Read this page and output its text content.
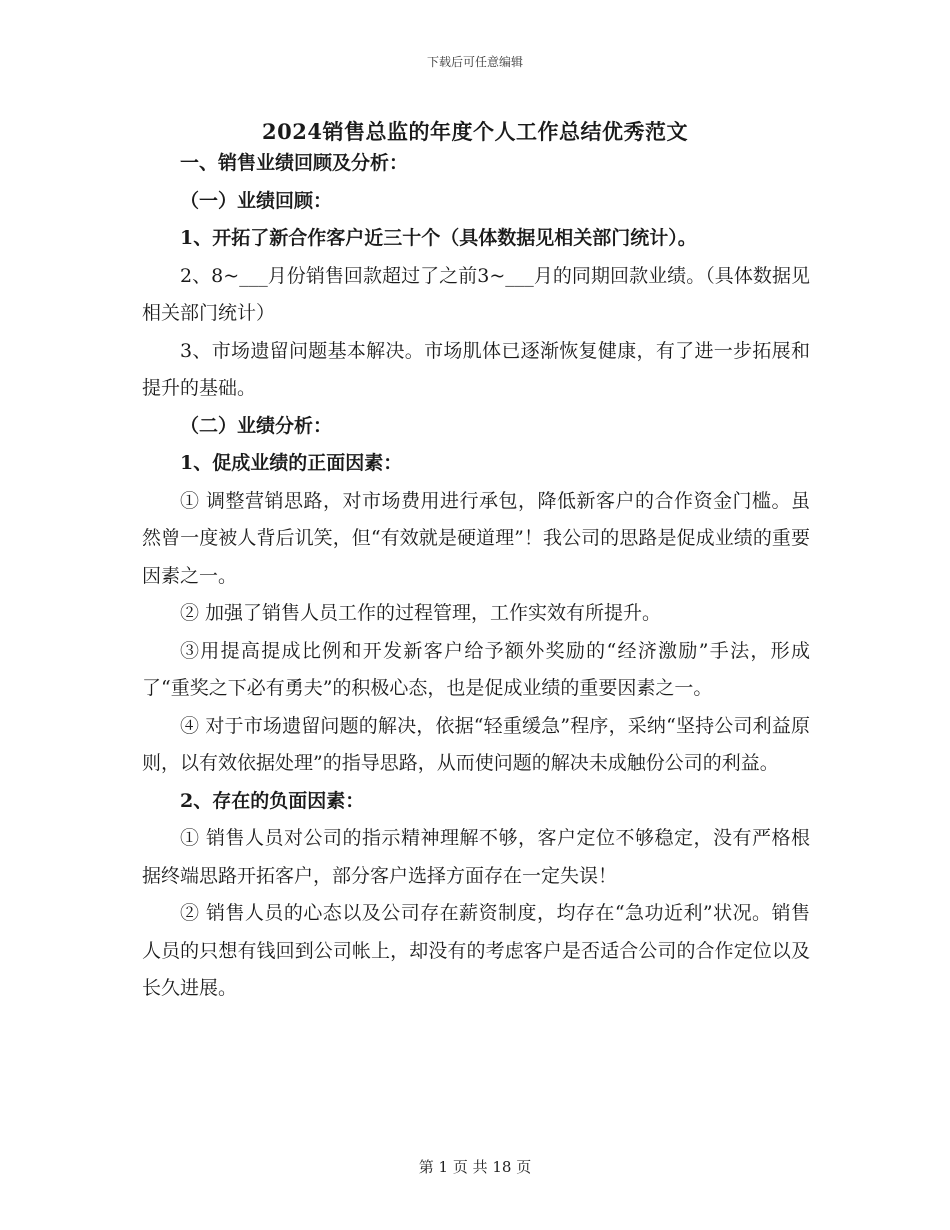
下载后可任意编辑
2024销售总监的年度个人工作总结优秀范文

一、销售业绩回顾及分析：

（一）业绩回顾：

1、开拓了新合作客户近三十个（具体数据见相关部门统计）。

2、8~___月份销售回款超过了之前3~___月的同期回款业绩。（具体数据见相关部门统计）

3、市场遗留问题基本解决。市场肌体已逐渐恢复健康，有了进一步拓展和提升的基础。

（二）业绩分析：

1、促成业绩的正面因素：

① 调整营销思路，对市场费用进行承包，降低新客户的合作资金门槛。虽然曾一度被人背后讥笑，但“有效就是硬道理”！我公司的思路是促成业绩的重要因素之一。

② 加强了销售人员工作的过程管理，工作实效有所提升。

③用提高提成比例和开发新客户给予额外奖励的“经济激励”手法，形成了“重奖之下必有勇夫”的积极心态，也是促成业绩的重要因素之一。

④ 对于市场遗留问题的解决，依据“轻重缓急”程序，采纳“坚持公司利益原则，以有效依据处理”的指导思路，从而使问题的解决未成触份公司的利益。

2、存在的负面因素：

① 销售人员对公司的指示精神理解不够，客户定位不够稳定，没有严格根据终端思路开拓客户，部分客户选择方面存在一定失误！

② 销售人员的心态以及公司存在薪资制度，均存在“急功近利”状况。销售人员的只想有钱回到公司帐上，却没有的考虑客户是否适合公司的合作定位以及长久进展。

第 1 页 共 18 页
